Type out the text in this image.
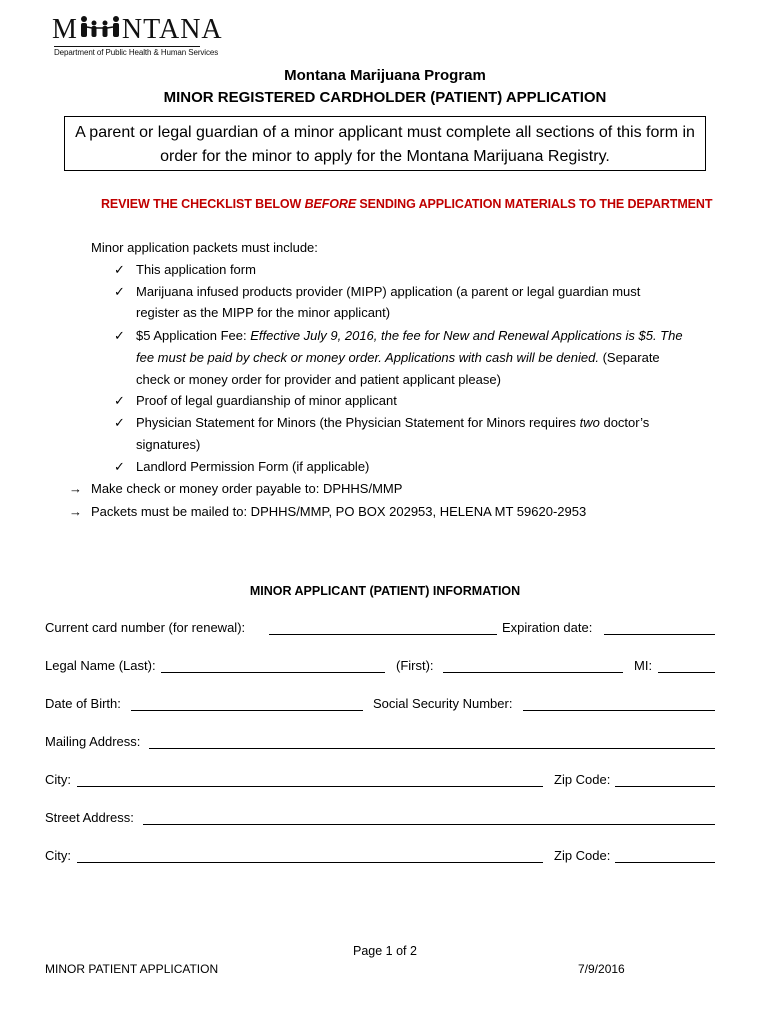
M NTANA
Department of Public Health & Human Services
Montana Marijuana Program
MINOR REGISTERED CARDHOLDER (PATIENT) APPLICATION
A parent or legal guardian of a minor applicant must complete all sections of this form in
order for the minor to apply for the Montana Marijuana Registry.
REVIEW THE CHECKLIST BELOW BEFORE SENDING APPLICATION MATERIALS TO THE DEPARTMENT
Minor application packets must include:
✓ This application form
✓ Marijuana infused products provider (MIPP) application (a parent or legal guardian must
register as the MIPP for the minor applicant)
✓ $5 Application Fee: Effective July 9, 2016, the fee for New and Renewal Applications is $5. The
fee must be paid by check or money order. Applications with cash will be denied. (Separate
check or money order for provider and patient applicant please)
✓ Proof of legal guardianship of minor applicant
✓ Physician Statement for Minors (the Physician Statement for Minors requires two doctor’s
signatures)
✓ Landlord Permission Form (if applicable)
→ Make check or money order payable to: DPHHS/MMP
→ Packets must be mailed to: DPHHS/MMP, PO BOX 202953, HELENA MT 59620-2953
MINOR APPLICANT (PATIENT) INFORMATION
Current card number (for renewal):	Expiration date:
Legal Name (Last):	(First):	MI:
Date of Birth:	Social Security Number:
Mailing Address:
City:	Zip Code:
Street Address:
City:	Zip Code:
Page 1 of 2
MINOR PATIENT APPLICATION	7/9/2016
